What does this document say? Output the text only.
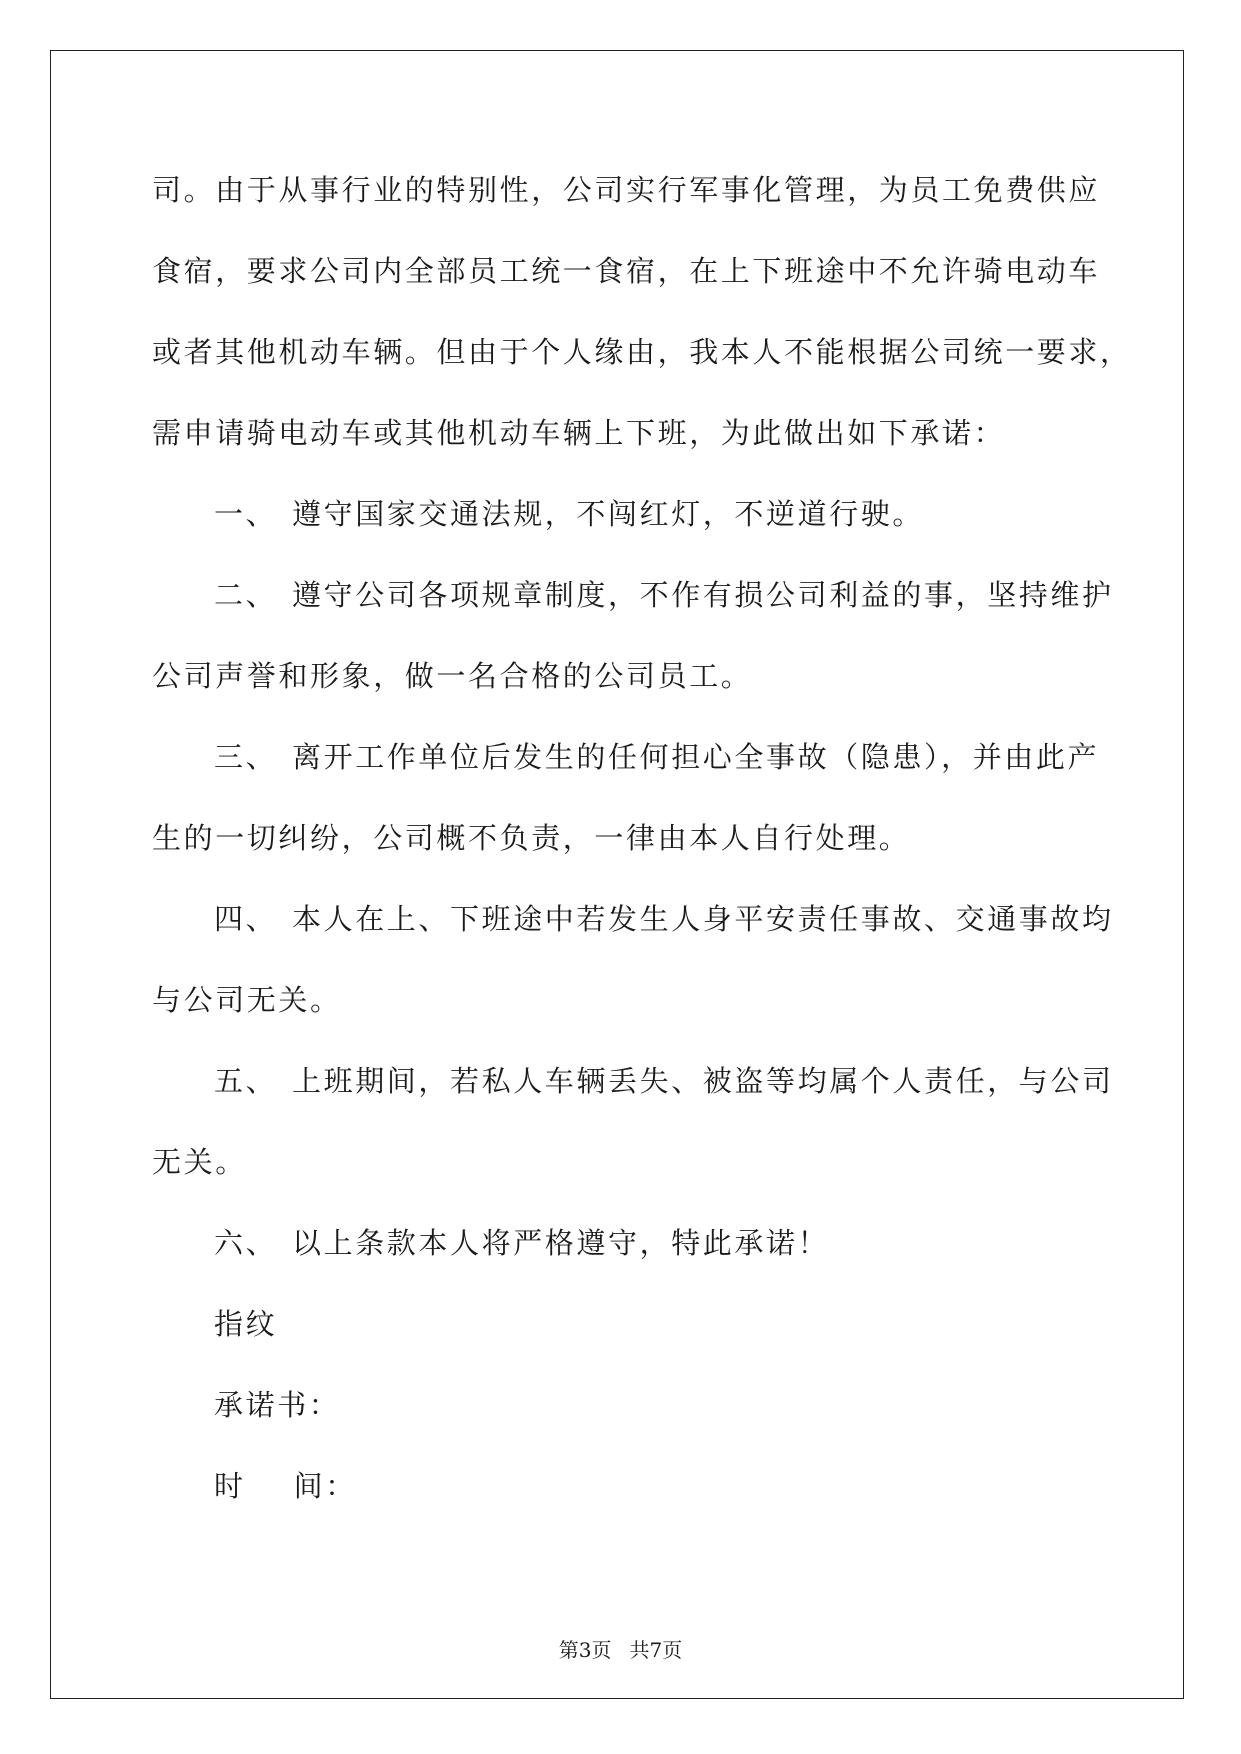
司。由于从事行业的特别性，公司实行军事化管理，为员工免费供应
食宿，要求公司内全部员工统一食宿，在上下班途中不允许骑电动车
或者其他机动车辆。但由于个人缘由，我本人不能根据公司统一要求，
需申请骑电动车或其他机动车辆上下班，为此做出如下承诺：
一、 遵守国家交通法规，不闯红灯，不逆道行驶。
二、 遵守公司各项规章制度，不作有损公司利益的事，坚持维护
公司声誉和形象，做一名合格的公司员工。
三、 离开工作单位后发生的任何担心全事故（隐患），并由此产
生的一切纠纷，公司概不负责，一律由本人自行处理。
四、 本人在上、下班途中若发生人身平安责任事故、交通事故均
与公司无关。
五、 上班期间，若私人车辆丢失、被盗等均属个人责任，与公司
无关。
六、 以上条款本人将严格遵守，特此承诺！
指纹
承诺书：
时 间：
第3页 共7页
